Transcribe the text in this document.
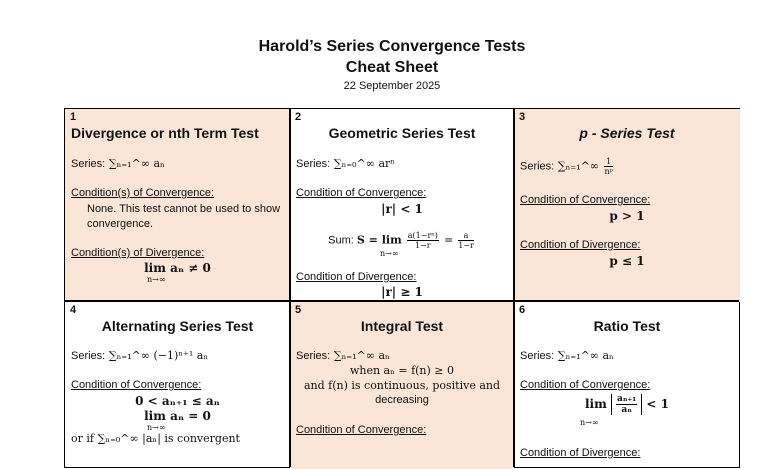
Harold’s Series Convergence Tests
Cheat Sheet
22 September 2025
1
Divergence or nth Term Test
Series: ∑ₙ₌₁^∞ aₙ
Condition(s) of Convergence:
None. This test cannot be used to show convergence.
Condition(s) of Divergence:
lim aₙ ≠ 0
n→∞
2
Geometric Series Test
Series: ∑ₙ₌₀^∞ arⁿ
Condition of Convergence:
|r| < 1
Sum: $S = \lim \frac{\text{a(1−rⁿ)}}{1-r} = \frac{a}{1-r}$
n→∞
Condition of Divergence:
|r| ≥ 1
3
p - Series Test
Series: ∑ₙ₌₁^∞ $\frac{1}{\text{nᵖ}}$
Condition of Convergence:
p > 1
Condition of Divergence:
p ≤ 1
4
Alternating Series Test
Series: ∑ₙ₌₁^∞ (−1)ⁿ⁺¹ aₙ
Condition of Convergence:
0 < aₙ₊₁ ≤ aₙ
lim aₙ = 0
n→∞
or if ∑ₙ₌₀^∞ |aₙ| is convergent
5
Integral Test
Series: ∑ₙ₌₁^∞ aₙ
when aₙ = f(n) ≥ 0
and f(n) is continuous, positive and
decreasing
Condition of Convergence:
6
Ratio Test
Series: ∑ₙ₌₁^∞ aₙ
Condition of Convergence:
$\lim \frac{\text{aₙ₊₁}}{\text{aₙ}} < 1$
n→∞
Condition of Divergence:
